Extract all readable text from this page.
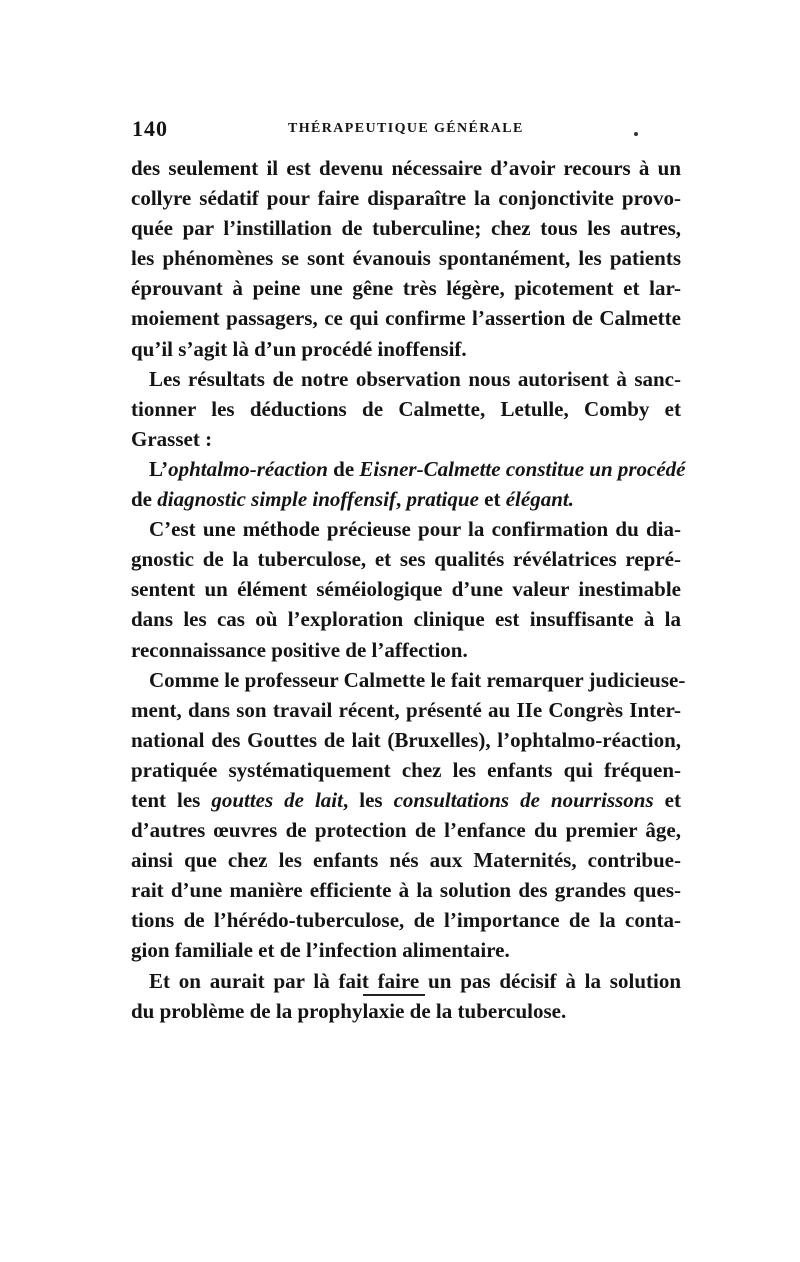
140	THÉRAPEUTIQUE GÉNÉRALE
des seulement il est devenu nécessaire d’avoir recours à un
collyre sédatif pour faire disparaître la conjonctivite provo-
quée par l’instillation de tuberculine; chez tous les autres,
les phénomènes se sont évanouis spontanément, les patients
éprouvant à peine une gêne très légère, picotement et lar-
moiement passagers, ce qui confirme l’assertion de Calmette
qu’il s’agit là d’un procédé inoffensif.
Les résultats de notre observation nous autorisent à sanc-
tionner les déductions de Calmette, Letulle, Comby et
Grasset :
L’ophtalmo-réaction de Eisner-Calmette constitue un procédé
de diagnostic simple inoffensif, pratique et élégant.
C’est une méthode précieuse pour la confirmation du dia-
gnostic de la tuberculose, et ses qualités révélatrices repré-
sentent un élément séméiologique d’une valeur inestimable
dans les cas où l’exploration clinique est insuffisante à la
reconnaissance positive de l’affection.
Comme le professeur Calmette le fait remarquer judicieuse-
ment, dans son travail récent, présenté au IIe Congrès Inter-
national des Gouttes de lait (Bruxelles), l’ophtalmo-réaction,
pratiquée systématiquement chez les enfants qui fréquen-
tent les gouttes de lait, les consultations de nourrissons et
d’autres œuvres de protection de l’enfance du premier âge,
ainsi que chez les enfants nés aux Maternités, contribue-
rait d’une manière efficiente à la solution des grandes ques-
tions de l’hérédo-tuberculose, de l’importance de la conta-
gion familiale et de l’infection alimentaire.
Et on aurait par là fait faire un pas décisif à la solution
du problème de la prophylaxie de la tuberculose.
